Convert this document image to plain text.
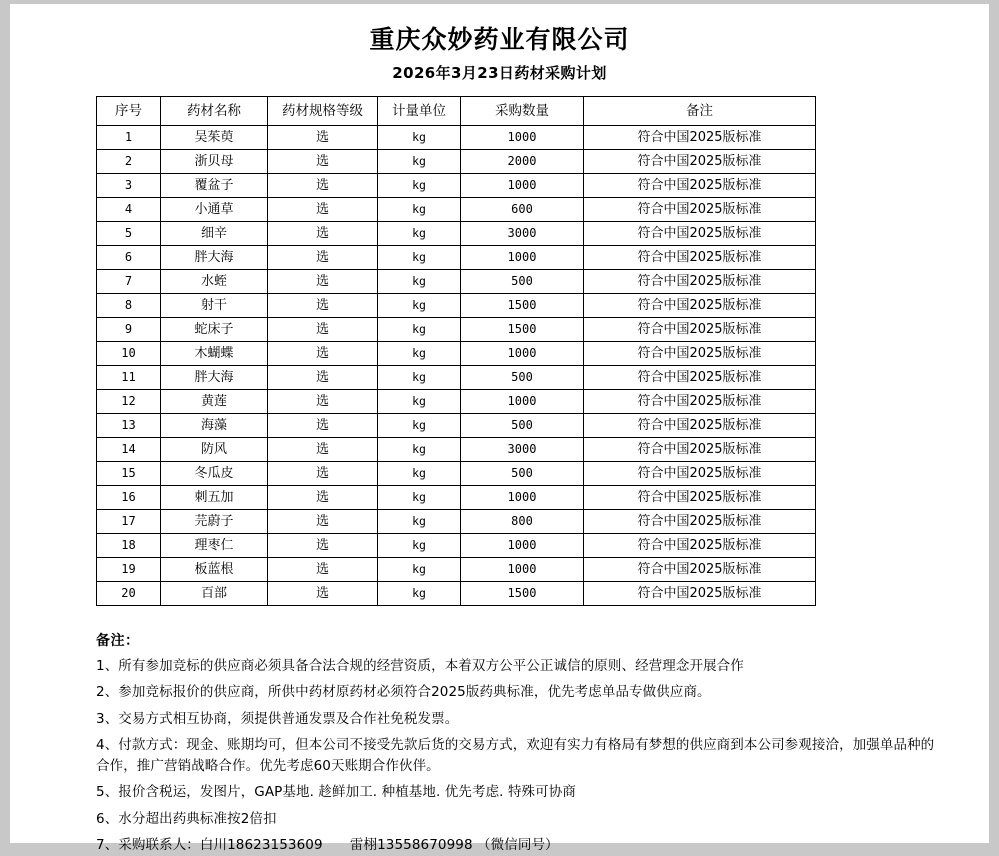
重庆众妙药业有限公司
2026年3月23日药材采购计划
序号	药材名称	药材规格等级	计量单位	采购数量	备注
1	吴茱萸	选	kg	1000	符合中国2025版标准
2	浙贝母	选	kg	2000	符合中国2025版标准
3	覆盆子	选	kg	1000	符合中国2025版标准
4	小通草	选	kg	600	符合中国2025版标准
5	细辛	选	kg	3000	符合中国2025版标准
6	胖大海	选	kg	1000	符合中国2025版标准
7	水蛭	选	kg	500	符合中国2025版标准
8	射干	选	kg	1500	符合中国2025版标准
9	蛇床子	选	kg	1500	符合中国2025版标准
10	木蝴蝶	选	kg	1000	符合中国2025版标准
11	胖大海	选	kg	500	符合中国2025版标准
12	黄莲	选	kg	1000	符合中国2025版标准
13	海藻	选	kg	500	符合中国2025版标准
14	防风	选	kg	3000	符合中国2025版标准
15	冬瓜皮	选	kg	500	符合中国2025版标准
16	刺五加	选	kg	1000	符合中国2025版标准
17	芫蔚子	选	kg	800	符合中国2025版标准
18	理枣仁	选	kg	1000	符合中国2025版标准
19	板蓝根	选	kg	1000	符合中国2025版标准
20	百部	选	kg	1500	符合中国2025版标准
备注：
1、所有参加竞标的供应商必须具备合法合规的经营资质，本着双方公平公正诚信的原则、经营理念开展合作
2、参加竞标报价的供应商，所供中药材原药材必须符合2025版药典标准，优先考虑单品专做供应商。
3、交易方式相互协商，须提供普通发票及合作社免税发票。
4、付款方式：现金、账期均可，但本公司不接受先款后货的交易方式，欢迎有实力有格局有梦想的供应商到本公司参观接洽，加强单品种的合作，推广营销战略合作。优先考虑60天账期合作伙伴。
5、报价含税运，发图片，GAP基地. 趁鲜加工. 种植基地. 优先考虑. 特殊可协商
6、水分超出药典标准按2倍扣
7、采购联系人：白川18623153609　　雷栩13558670998 （微信同号）
